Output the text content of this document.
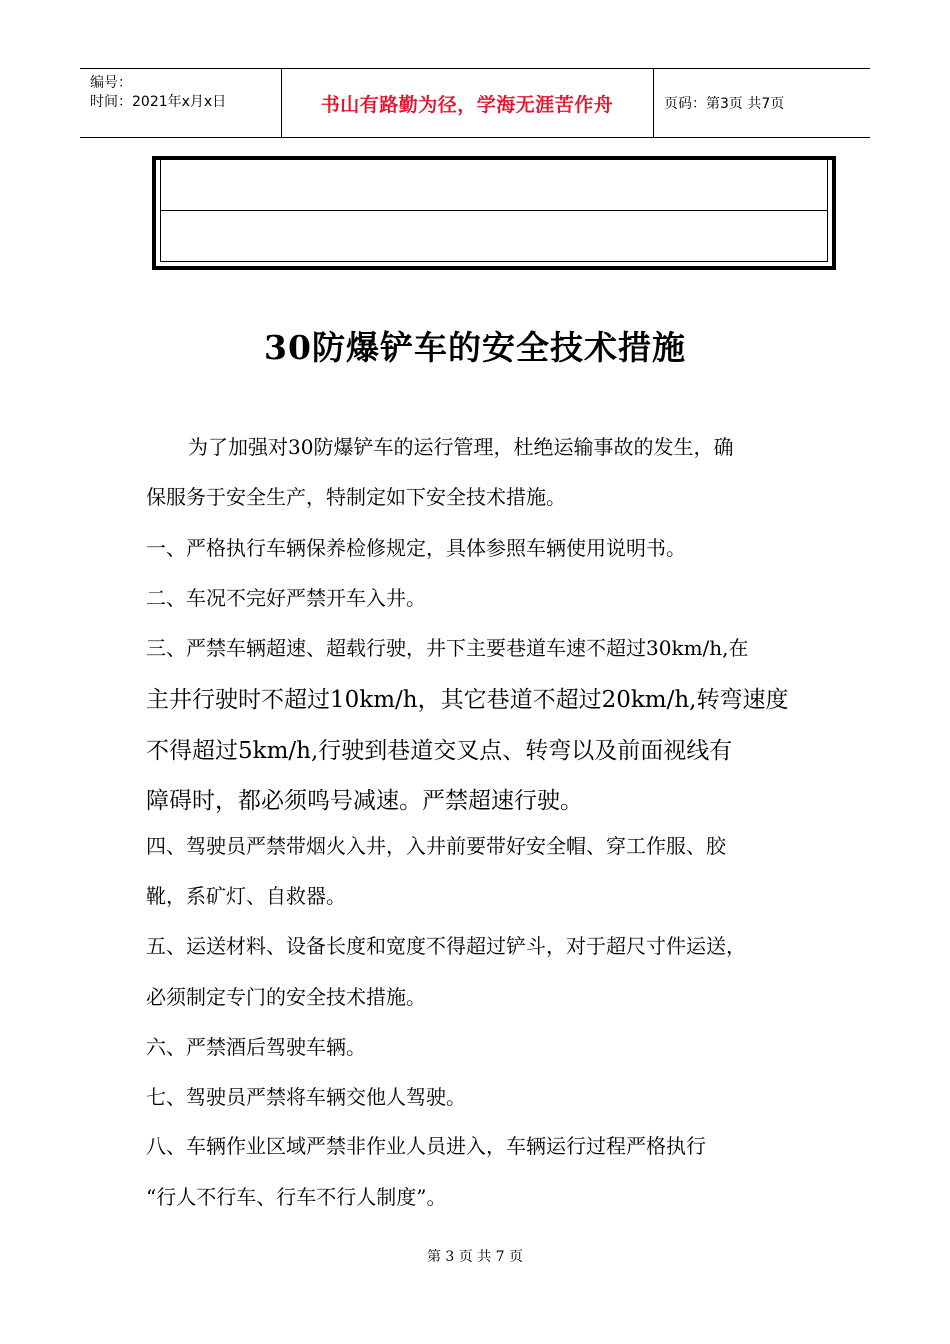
编号：
时间：2021年x月x日	书山有路勤为径，学海无涯苦作舟	页码：第3页 共7页
30防爆铲车的安全技术措施
为了加强对30防爆铲车的运行管理，杜绝运输事故的发生，确
保服务于安全生产，特制定如下安全技术措施。
一、严格执行车辆保养检修规定，具体参照车辆使用说明书。
二、车况不完好严禁开车入井。
三、严禁车辆超速、超载行驶，井下主要巷道车速不超过30km/h,在
主井行驶时不超过10km/h，其它巷道不超过20km/h,转弯速度
不得超过5km/h,行驶到巷道交叉点、转弯以及前面视线有
障碍时，都必须鸣号减速。严禁超速行驶。
四、驾驶员严禁带烟火入井，入井前要带好安全帽、穿工作服、胶
靴，系矿灯、自救器。
五、运送材料、设备长度和宽度不得超过铲斗，对于超尺寸件运送，
必须制定专门的安全技术措施。
六、严禁酒后驾驶车辆。
七、驾驶员严禁将车辆交他人驾驶。
八、车辆作业区域严禁非作业人员进入，车辆运行过程严格执行
“行人不行车、行车不行人制度”。
第 3 页 共 7 页
